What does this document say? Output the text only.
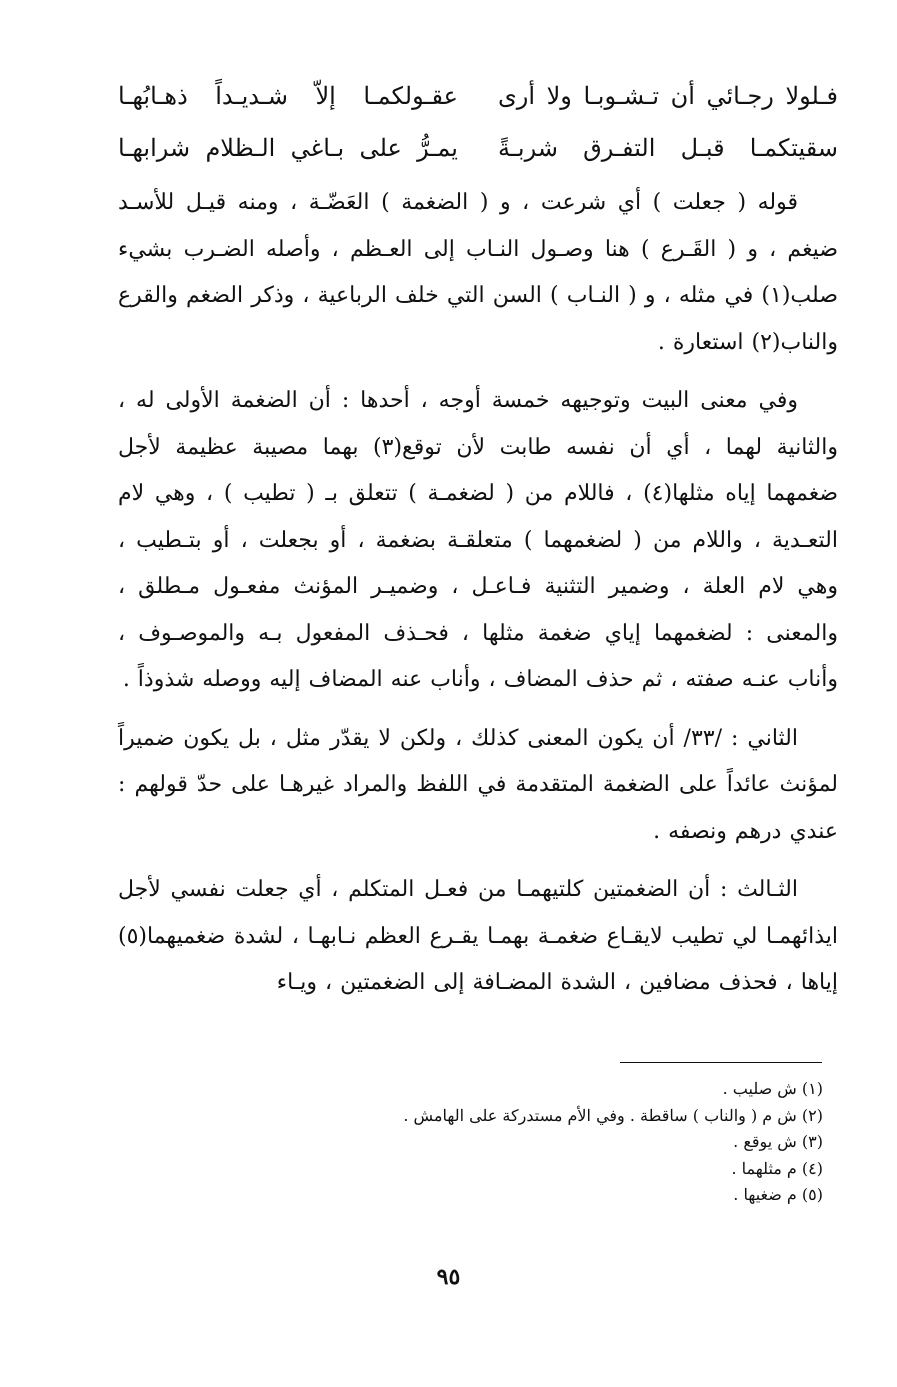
فـلولا رجـائي أن تـشـوبـا ولا أرى
عقـولكمـا إلاّ شـديـداً ذهـابُهـا
سقيتكمـا قبـل التفـرق شربـةً
يمـرُّ على بـاغي الـظلام شرابهـا

قوله ( جعلت ) أي شرعت ، و ( الضغمة ) العَضّـة ، ومنه قيـل للأسـد ضيغم ، و ( القَـرع ) هنا وصـول النـاب إلى العـظم ، وأصله الضـرب بشيء صلب(١) في مثله ، و ( النـاب ) السن التي خلف الرباعية ، وذكر الضغم والقرع والناب(٢) استعارة .

وفي معنى البيت وتوجيهه خمسة أوجه ، أحدها : أن الضغمة الأولى له ، والثانية لهما ، أي أن نفسه طابت لأن توقع(٣) بهما مصيبة عظيمة لأجل ضغمهما إياه مثلها(٤) ، فاللام من ( لضغمـة ) تتعلق بـ ( تطيب ) ، وهي لام التعـدية ، واللام من ( لضغمهما ) متعلقـة بضغمة ، أو بجعلت ، أو بتـطيب ، وهي لام العلة ، وضمير التثنية فـاعـل ، وضميـر المؤنث مفعـول مـطلق ، والمعنى : لضغمهما إياي ضغمة مثلها ، فحـذف المفعول بـه والموصـوف ، وأناب عنـه صفته ، ثم حذف المضاف ، وأناب عنه المضاف إليه ووصله شذوذاً .

الثاني : /٣٣/ أن يكون المعنى كذلك ، ولكن لا يقدّر مثل ، بل يكون ضميراً لمؤنث عائداً على الضغمة المتقدمة في اللفظ والمراد غيرهـا على حدّ قولهم : عندي درهم ونصفه .

الثـالث : أن الضغمتين كلتيهمـا من فعـل المتكلم ، أي جعلت نفسي لأجل ايذائهمـا لي تطيب لايقـاع ضغمـة بهمـا يقـرع العظم نـابهـا ، لشدة ضغميهما(٥) إياها ، فحذف مضافين ، الشدة المضـافة إلى الضغمتين ، ويـاء

(١) ش صليب .

(٢) ش م ( والناب ) ساقطة . وفي الأم مستدركة على الهامش .

(٣) ش يوقع .

(٤) م مثلهما .

(٥) م ضغيها .

٩٥
